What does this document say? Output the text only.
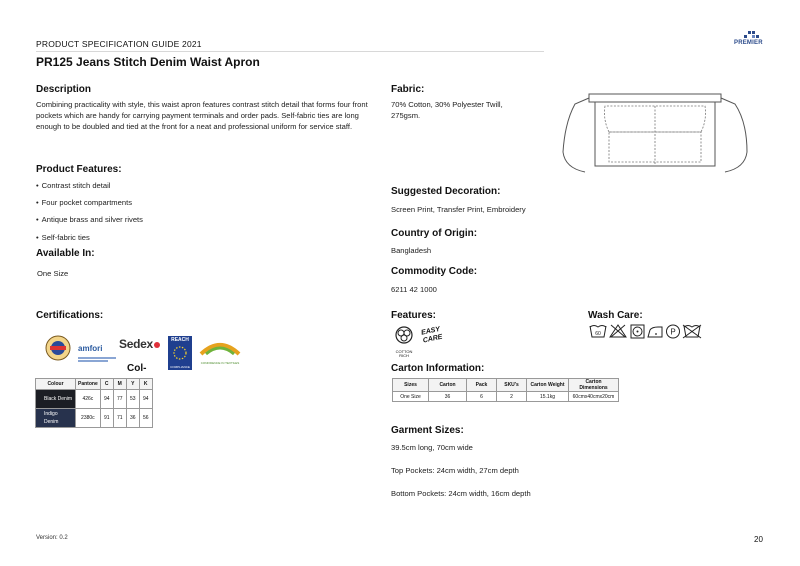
PRODUCT SPECIFICATION GUIDE 2021	PREMIER
PR125 Jeans Stitch Denim Waist Apron
Description

Combining practicality with style, this waist apron features contrast stitch detail that forms four front pockets which are handy for carrying payment terminals and order pads. Self-fabric ties are long enough to be doubled and tied at the front for a neat and professional uniform for service staff.

Product Features:
• Contrast stitch detail
• Four pocket compartments
• Antique brass and silver rivets
• Self-fabric ties
Available In:
One Size
Certifications:
amfori	Sedex	REACH
COMPLIANCE
CONFIDENCE IN TEXTILES
Col-
Colour	Pantone	C	M	Y	K
Black Denim	426c	94	77	53	94
Indigo Denim	2380c	91	71	36	56
Fabric:

70% Cotton, 30% Polyester Twill, 275gsm.

Suggested Decoration:
Screen Print, Transfer Print, Embroidery
Country of Origin:
Bangladesh
Commodity Code:
6211 42 1000
Features:
COTTON RICH
EASY CARE
Wash Care:
60	P
Carton Information:
Sizes	Carton	Pack	SKU's	Carton Weight	Carton Dimensions
One Size	36	6	2	15.1kg	60cmx40cmx20cm
Garment Sizes:
39.5cm long, 70cm wide
Top Pockets: 24cm width, 27cm depth
Bottom Pockets: 24cm width, 16cm depth
Version: 0.2	20
